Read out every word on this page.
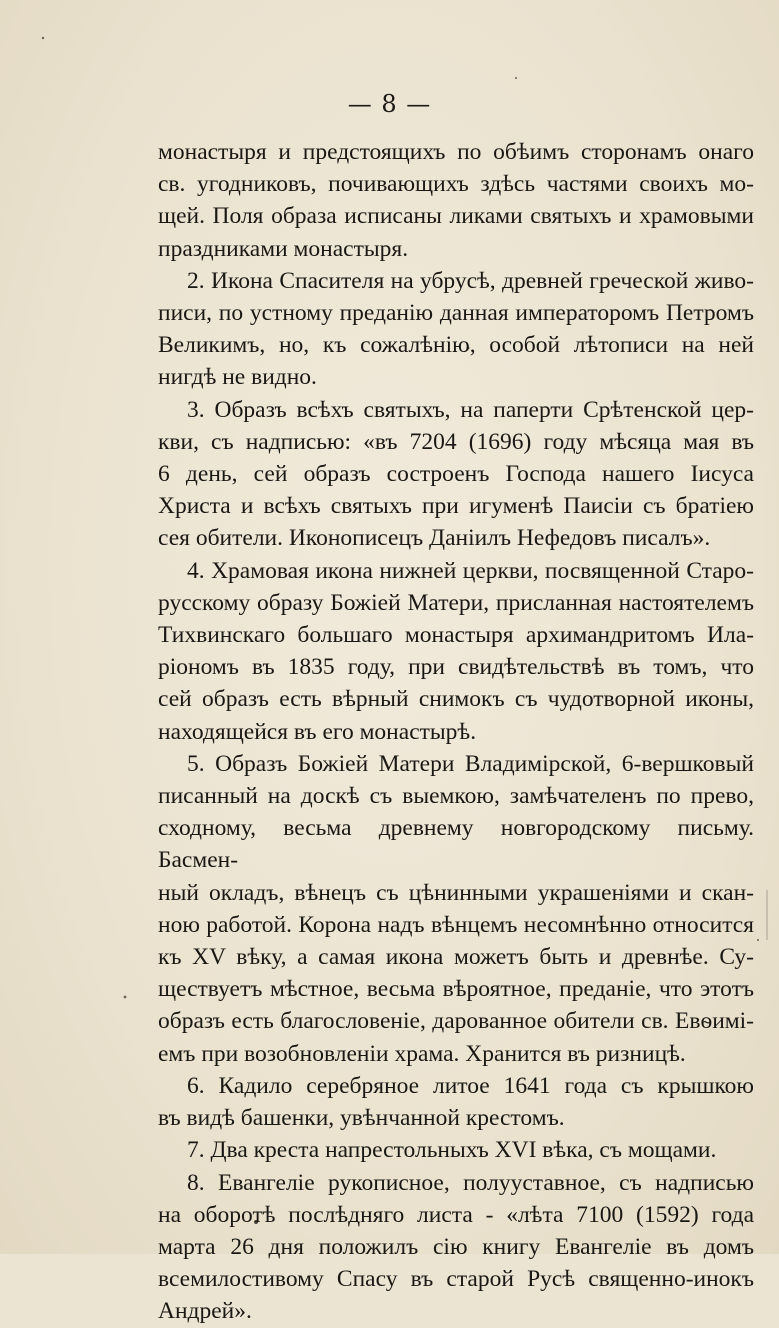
— 8 —

монастыря и предстоящихъ по обѣимъ сторонамъ онаго

св. угодниковъ, почивающихъ здѣсь частями своихъ мо-

щей. Поля образа исписаны ликами святыхъ и храмовыми

праздниками монастыря.

2. Икона Спасителя на убрусѣ, древней греческой живо-

писи, по устному преданію данная императоромъ Петромъ

Великимъ, но, къ сожалѣнію, особой лѣтописи на ней

нигдѣ не видно.

3. Образъ всѣхъ святыхъ, на паперти Срѣтенской цер-

кви, съ надписью: «въ 7204 (1696) году мѣсяца мая въ

6 день, сей образъ состроенъ Господа нашего Іисуса

Христа и всѣхъ святыхъ при игуменѣ Паисіи съ братіею

сея обители. Иконописецъ Даніилъ Нефедовъ писалъ».

4. Храмовая икона нижней церкви, посвященной Старо-

русскому образу Божіей Матери, присланная настоятелемъ

Тихвинскаго большаго монастыря архимандритомъ Ила-

ріономъ въ 1835 году, при свидѣтельствѣ въ томъ, что

сей образъ есть вѣрный снимокъ съ чудотворной иконы,

находящейся въ его монастырѣ.

5. Образъ Божіей Матери Владимірской, 6-вершковый

писанный на доскѣ съ выемкою, замѣчателенъ по прево,

сходному, весьма древнему новгородскому письму. Басмен-

ный окладъ, вѣнецъ съ цѣнинными украшеніями и скан-

ною работой. Корона надъ вѣнцемъ несомнѣнно относится

къ XV вѣку, а самая икона можетъ быть и древнѣе. Су-

ществуетъ мѣстное, весьма вѣроятное, преданіе, что этотъ

образъ есть благословеніе, дарованное обители св. Евѳимі-

емъ при возобновленіи храма. Хранится въ ризницѣ.

6. Кадило серебряное литое 1641 года съ крышкою

въ видѣ башенки, увѣнчанной крестомъ.

7. Два креста напрестольныхъ XVI вѣка, съ мощами.

8. Евангеліе рукописное, полууставное, съ надписью

на оборотѣ послѣдняго листа - «лѣта 7100 (1592) года

марта 26 дня положилъ сію книгу Евангеліе въ домъ

всемилостивому Спасу въ старой Русѣ священно-инокъ

Андрей».
